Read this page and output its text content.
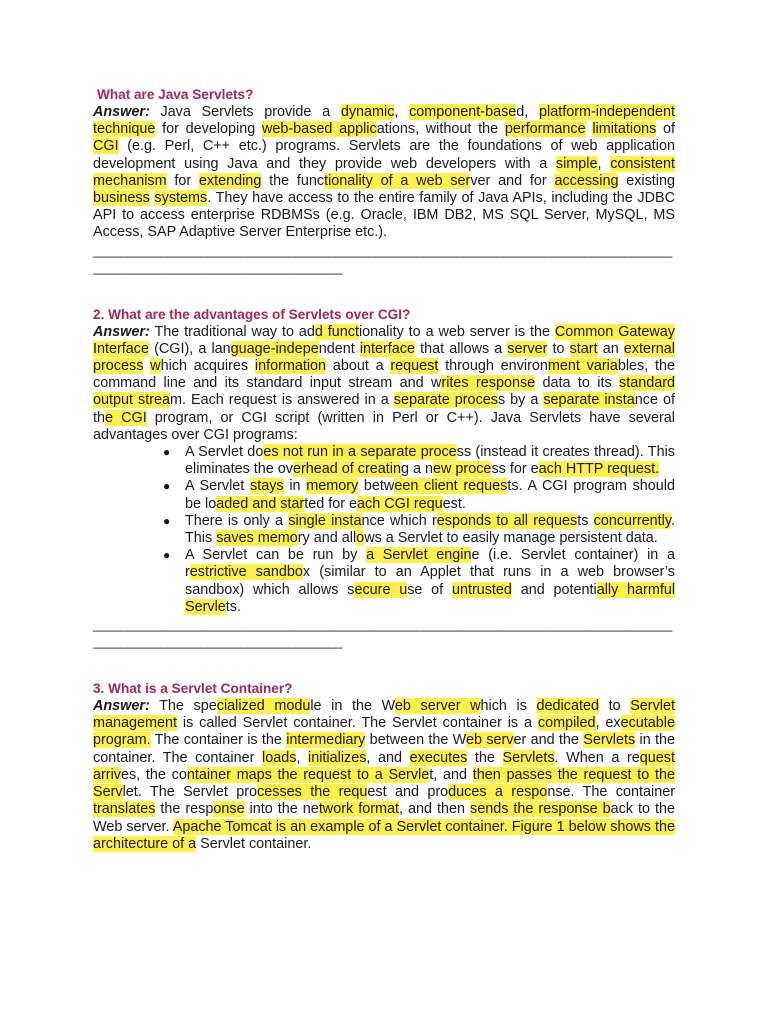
What are Java Servlets?

Answer: Java Servlets provide a dynamic, component-based, platform-independent technique for developing web-based applications, without the performance limitations of CGI (e.g. Perl, C++ etc.) programs. Servlets are the foundations of web application development using Java and they provide web developers with a simple, consistent mechanism for extending the functionality of a web server and for accessing existing business systems. They have access to the entire family of Java APIs, including the JDBC API to access enterprise RDBMSs (e.g. Oracle, IBM DB2, MS SQL Server, MySQL, MS Access, SAP Adaptive Server Enterprise etc.).

______________________________________________________________________________________
_____________________________________

2. What are the advantages of Servlets over CGI?

Answer: The traditional way to add functionality to a web server is the Common Gateway Interface (CGI), a language-independent interface that allows a server to start an external process which acquires information about a request through environment variables, the command line and its standard input stream and writes response data to its standard output stream. Each request is answered in a separate process by a separate instance of the CGI program, or CGI script (written in Perl or C++). Java Servlets have several advantages over CGI programs:

● A Servlet does not run in a separate process (instead it creates thread). This eliminates the overhead of creating a new process for each HTTP request.
● A Servlet stays in memory between client requests. A CGI program should be loaded and started for each CGI request.
● There is only a single instance which responds to all requests concurrently. This saves memory and allows a Servlet to easily manage persistent data.
● A Servlet can be run by a Servlet engine (i.e. Servlet container) in a restrictive sandbox (similar to an Applet that runs in a web browser’s sandbox) which allows secure use of untrusted and potentially harmful Servlets.
______________________________________________________________________________________
_____________________________________

3. What is a Servlet Container?

Answer: The specialized module in the Web server which is dedicated to Servlet management is called Servlet container. The Servlet container is a compiled, executable program. The container is the intermediary between the Web server and the Servlets in the container. The container loads, initializes, and executes the Servlets. When a request arrives, the container maps the request to a Servlet, and then passes the request to the Servlet. The Servlet processes the request and produces a response. The container translates the response into the network format, and then sends the response back to the Web server. Apache Tomcat is an example of a Servlet container. Figure 1 below shows the architecture of a Servlet container.
